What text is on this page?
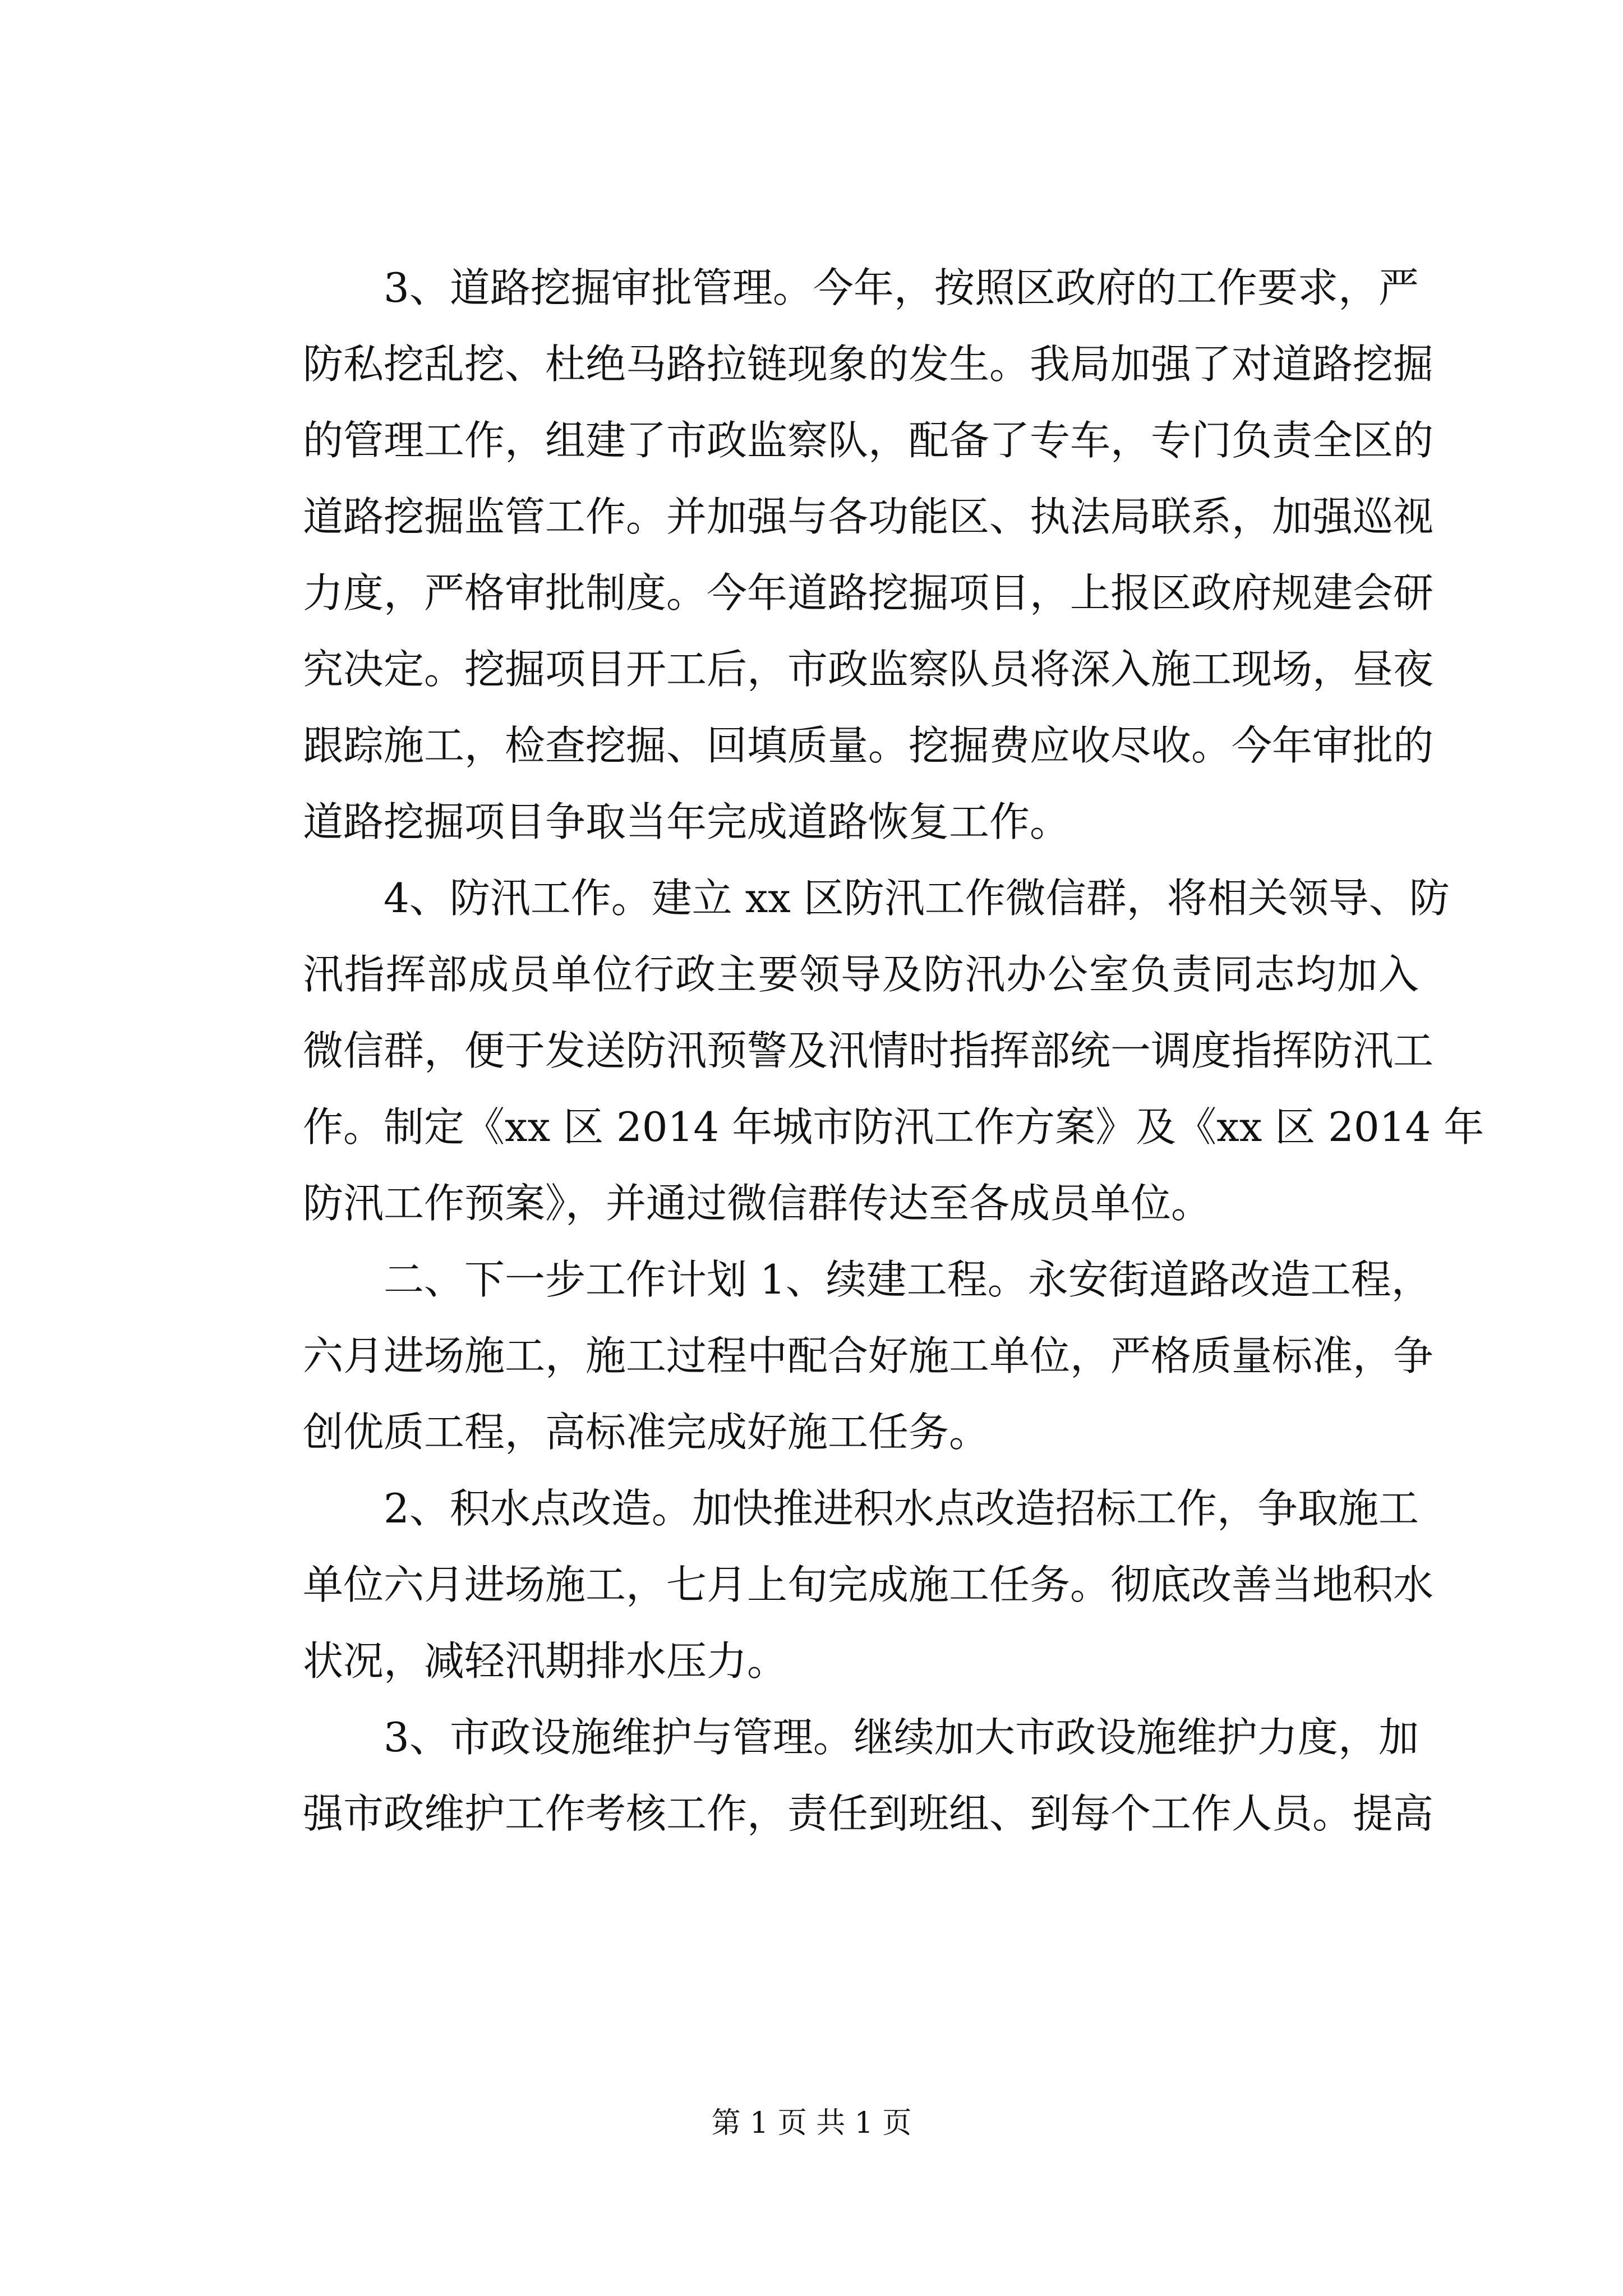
　　3、道路挖掘审批管理。今年，按照区政府的工作要求，严
防私挖乱挖、杜绝马路拉链现象的发生。我局加强了对道路挖掘
的管理工作，组建了市政监察队，配备了专车，专门负责全区的
道路挖掘监管工作。并加强与各功能区、执法局联系，加强巡视
力度，严格审批制度。今年道路挖掘项目，上报区政府规建会研
究决定。挖掘项目开工后，市政监察队员将深入施工现场，昼夜
跟踪施工，检查挖掘、回填质量。挖掘费应收尽收。今年审批的
道路挖掘项目争取当年完成道路恢复工作。
　　4、防汛工作。建立 xx 区防汛工作微信群，将相关领导、防
汛指挥部成员单位行政主要领导及防汛办公室负责同志均加入
微信群，便于发送防汛预警及汛情时指挥部统一调度指挥防汛工
作。制定《xx 区 2014 年城市防汛工作方案》及《xx 区 2014 年
防汛工作预案》，并通过微信群传达至各成员单位。
　　二、下一步工作计划 1、续建工程。永安街道路改造工程，
六月进场施工，施工过程中配合好施工单位，严格质量标准，争
创优质工程，高标准完成好施工任务。
　　2、积水点改造。加快推进积水点改造招标工作，争取施工
单位六月进场施工，七月上旬完成施工任务。彻底改善当地积水
状况，减轻汛期排水压力。
　　3、市政设施维护与管理。继续加大市政设施维护力度，加
强市政维护工作考核工作，责任到班组、到每个工作人员。提高
第 1 页 共 1 页
